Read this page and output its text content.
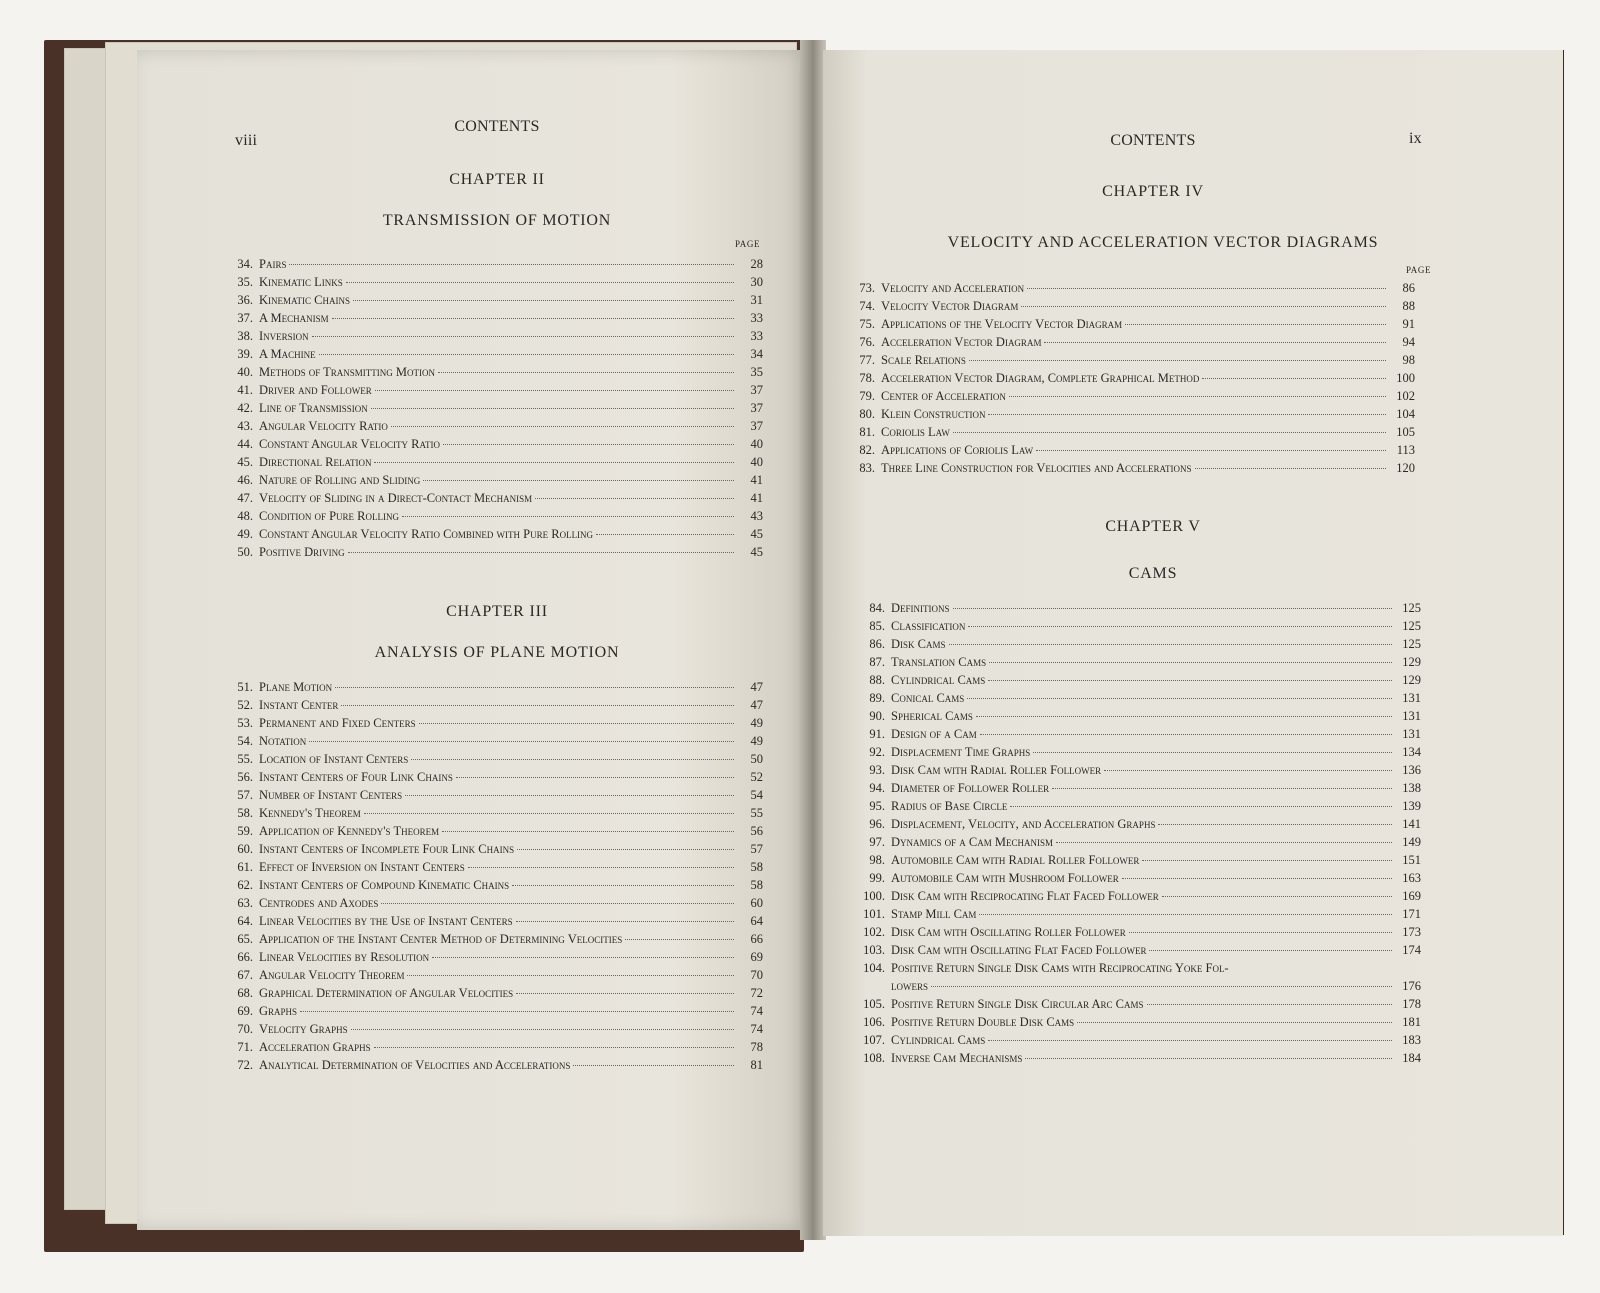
viii
CONTENTS
CHAPTER II
TRANSMISSION OF MOTION
PAGE
34. Pairs	28
35. Kinematic Links	30
36. Kinematic Chains	31
37. A Mechanism	33
38. Inversion	33
39. A Machine	34
40. Methods of Transmitting Motion	35
41. Driver and Follower	37
42. Line of Transmission	37
43. Angular Velocity Ratio	37
44. Constant Angular Velocity Ratio	40
45. Directional Relation	40
46. Nature of Rolling and Sliding	41
47. Velocity of Sliding in a Direct-Contact Mechanism	41
48. Condition of Pure Rolling	43
49. Constant Angular Velocity Ratio Combined with Pure Rolling	45
50. Positive Driving	45
CHAPTER III
ANALYSIS OF PLANE MOTION
51. Plane Motion	47
52. Instant Center	47
53. Permanent and Fixed Centers	49
54. Notation	49
55. Location of Instant Centers	50
56. Instant Centers of Four Link Chains	52
57. Number of Instant Centers	54
58. Kennedy's Theorem	55
59. Application of Kennedy's Theorem	56
60. Instant Centers of Incomplete Four Link Chains	57
61. Effect of Inversion on Instant Centers	58
62. Instant Centers of Compound Kinematic Chains	58
63. Centrodes and Axodes	60
64. Linear Velocities by the Use of Instant Centers	64
65. Application of the Instant Center Method of Determining Velocities	66
66. Linear Velocities by Resolution	69
67. Angular Velocity Theorem	70
68. Graphical Determination of Angular Velocities	72
69. Graphs	74
70. Velocity Graphs	74
71. Acceleration Graphs	78
72. Analytical Determination of Velocities and Accelerations	81
CONTENTS	ix
CHAPTER IV
VELOCITY AND ACCELERATION VECTOR DIAGRAMS
PAGE
73. Velocity and Acceleration	86
74. Velocity Vector Diagram	88
75. Applications of the Velocity Vector Diagram	91
76. Acceleration Vector Diagram	94
77. Scale Relations	98
78. Acceleration Vector Diagram, Complete Graphical Method	100
79. Center of Acceleration	102
80. Klein Construction	104
81. Coriolis Law	105
82. Applications of Coriolis Law	113
83. Three Line Construction for Velocities and Accelerations	120
CHAPTER V
CAMS
84. Definitions	125
85. Classification	125
86. Disk Cams	125
87. Translation Cams	129
88. Cylindrical Cams	129
89. Conical Cams	131
90. Spherical Cams	131
91. Design of a Cam	131
92. Displacement Time Graphs	134
93. Disk Cam with Radial Roller Follower	136
94. Diameter of Follower Roller	138
95. Radius of Base Circle	139
96. Displacement, Velocity, and Acceleration Graphs	141
97. Dynamics of a Cam Mechanism	149
98. Automobile Cam with Radial Roller Follower	151
99. Automobile Cam with Mushroom Follower	163
100. Disk Cam with Reciprocating Flat Faced Follower	169
101. Stamp Mill Cam	171
102. Disk Cam with Oscillating Roller Follower	173
103. Disk Cam with Oscillating Flat Faced Follower	174
104. Positive Return Single Disk Cams with Reciprocating Yoke Fol-
lowers	176
105. Positive Return Single Disk Circular Arc Cams	178
106. Positive Return Double Disk Cams	181
107. Cylindrical Cams	183
108. Inverse Cam Mechanisms	184
